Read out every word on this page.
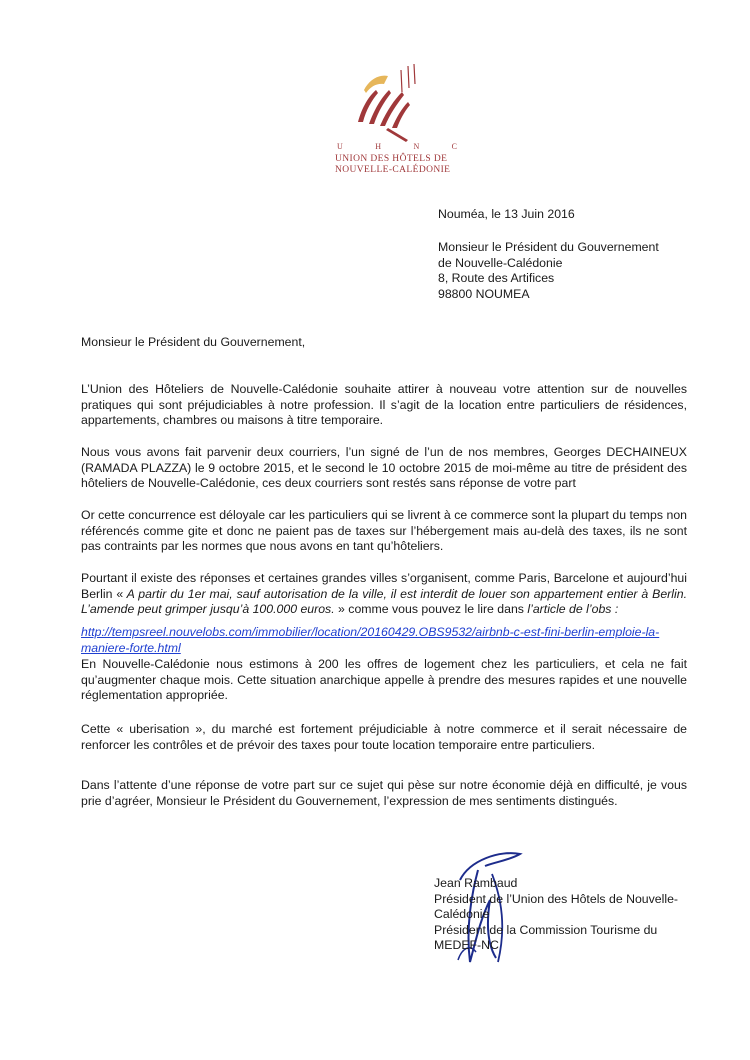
U	H	N	C
UNION DES HÔTELS DE
NOUVELLE-CALÉDONIE
Nouméa, le 13 Juin 2016
Monsieur le Président du Gouvernement
de Nouvelle-Calédonie
8, Route des Artifices
98800 NOUMEA
Monsieur le Président du Gouvernement,
L’Union des Hôteliers de Nouvelle-Calédonie souhaite attirer à nouveau votre attention sur de nouvelles pratiques qui sont préjudiciables à notre profession. Il s’agit de la location entre particuliers de résidences, appartements, chambres ou maisons à titre temporaire.
Nous vous avons fait parvenir deux courriers, l’un signé de l’un de nos membres, Georges DECHAINEUX (RAMADA PLAZZA) le 9 octobre 2015, et le second le 10 octobre 2015 de moi-même au titre de président des hôteliers de Nouvelle-Calédonie, ces deux courriers sont restés sans réponse de votre part
Or cette concurrence est déloyale car les particuliers qui se livrent à ce commerce sont la plupart du temps non référencés comme gite et donc ne paient pas de taxes sur l’hébergement mais au-delà des taxes, ils ne sont pas contraints par les normes que nous avons en tant qu’hôteliers.
Pourtant il existe des réponses et certaines grandes villes s’organisent, comme Paris, Barcelone et aujourd’hui Berlin « A partir du 1er mai, sauf autorisation de la ville, il est interdit de louer son appartement entier à Berlin. L’amende peut grimper jusqu’à 100.000 euros. » comme vous pouvez le lire dans l’article de l’obs :
http://tempsreel.nouvelobs.com/immobilier/location/20160429.OBS9532/airbnb-c-est-fini-berlin-emploie-la-
maniere-forte.html
En Nouvelle-Calédonie nous estimons à 200 les offres de logement chez les particuliers, et cela ne fait qu’augmenter chaque mois. Cette situation anarchique appelle à prendre des mesures rapides et une nouvelle réglementation appropriée.
Cette « uberisation », du marché est fortement préjudiciable à notre commerce et il serait nécessaire de renforcer les contrôles et de prévoir des taxes pour toute location temporaire entre particuliers.
Dans l’attente d’une réponse de votre part sur ce sujet qui pèse sur notre économie déjà en difficulté, je vous prie d’agréer, Monsieur le Président du Gouvernement, l’expression de mes sentiments distingués.
Jean Rambaud
Président de l’Union des Hôtels de Nouvelle-
Calédonie
Président de la Commission Tourisme du
MEDEF-NC
